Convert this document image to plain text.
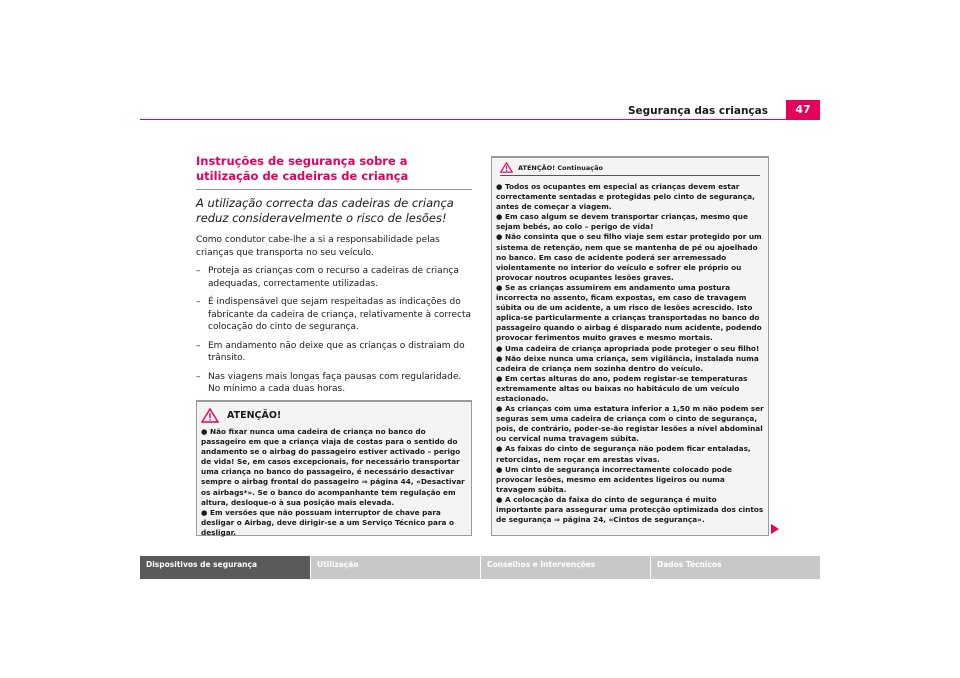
Segurança das crianças	47
Instruções de segurança sobre a utilização de cadeiras de criança

A utilização correcta das cadeiras de criança reduz consideravelmente o risco de lesões!

Como condutor cabe-lhe a si a responsabilidade pelas crianças que transporta no seu veículo.

– Proteja as crianças com o recurso a cadeiras de criança adequadas, correctamente utilizadas.
– É indispensável que sejam respeitadas as indicações do fabricante da cadeira de criança, relativamente à correcta colocação do cinto de segurança.
– Em andamento não deixe que as crianças o distraiam do trânsito.
– Nas viagens mais longas faça pausas com regularidade. No mínimo a cada duas horas.
ATENÇÃO!

● Não fixar nunca uma cadeira de criança no banco do passageiro em que a criança viaja de costas para o sentido do andamento se o airbag do passageiro estiver activado – perigo de vida! Se, em casos excepcionais, for necessário transportar uma criança no banco do passageiro, é necessário desactivar sempre o airbag frontal do passageiro ⇒ página 44, «Desactivar os airbags*». Se o banco do acompanhante tem regulação em altura, desloque-o à sua posição mais elevada.

● Em versões que não possuam interruptor de chave para desligar o Airbag, deve dirigir-se a um Serviço Técnico para o desligar.

ATENÇÃO! Continuação

● Todos os ocupantes em especial as crianças devem estar correctamente sentadas e protegidas pelo cinto de segurança, antes de começar a viagem.

● Em caso algum se devem transportar crianças, mesmo que sejam bebés, ao colo – perigo de vida!

● Não consinta que o seu filho viaje sem estar protegido por um sistema de retenção, nem que se mantenha de pé ou ajoelhado no banco. Em caso de acidente poderá ser arremessado violentamente no interior do veículo e sofrer ele próprio ou provocar noutros ocupantes lesões graves.

● Se as crianças assumirem em andamento uma postura incorrecta no assento, ficam expostas, em caso de travagem súbita ou de um acidente, a um risco de lesões acrescido. Isto aplica-se particularmente a crianças transportadas no banco do passageiro quando o airbag é disparado num acidente, podendo provocar ferimentos muito graves e mesmo mortais.

● Uma cadeira de criança apropriada pode proteger o seu filho!

● Não deixe nunca uma criança, sem vigilância, instalada numa cadeira de criança nem sozinha dentro do veículo.

● Em certas alturas do ano, podem registar-se temperaturas extremamente altas ou baixas no habitáculo de um veículo estacionado.

● As crianças com uma estatura inferior a 1,50 m não podem ser seguras sem uma cadeira de criança com o cinto de segurança, pois, de contrário, poder-se-ão registar lesões a nível abdominal ou cervical numa travagem súbita.

● As faixas do cinto de segurança não podem ficar entaladas, retorcidas, nem roçar em arestas vivas.

● Um cinto de segurança incorrectamente colocado pode provocar lesões, mesmo em acidentes ligeiros ou numa travagem súbita.

● A colocação da faixa do cinto de segurança é muito importante para assegurar uma protecção optimizada dos cintos de segurança ⇒ página 24, «Cintos de segurança».

Dispositivos de segurança	Utilização	Conselhos e Intervenções	Dados Técnicos
